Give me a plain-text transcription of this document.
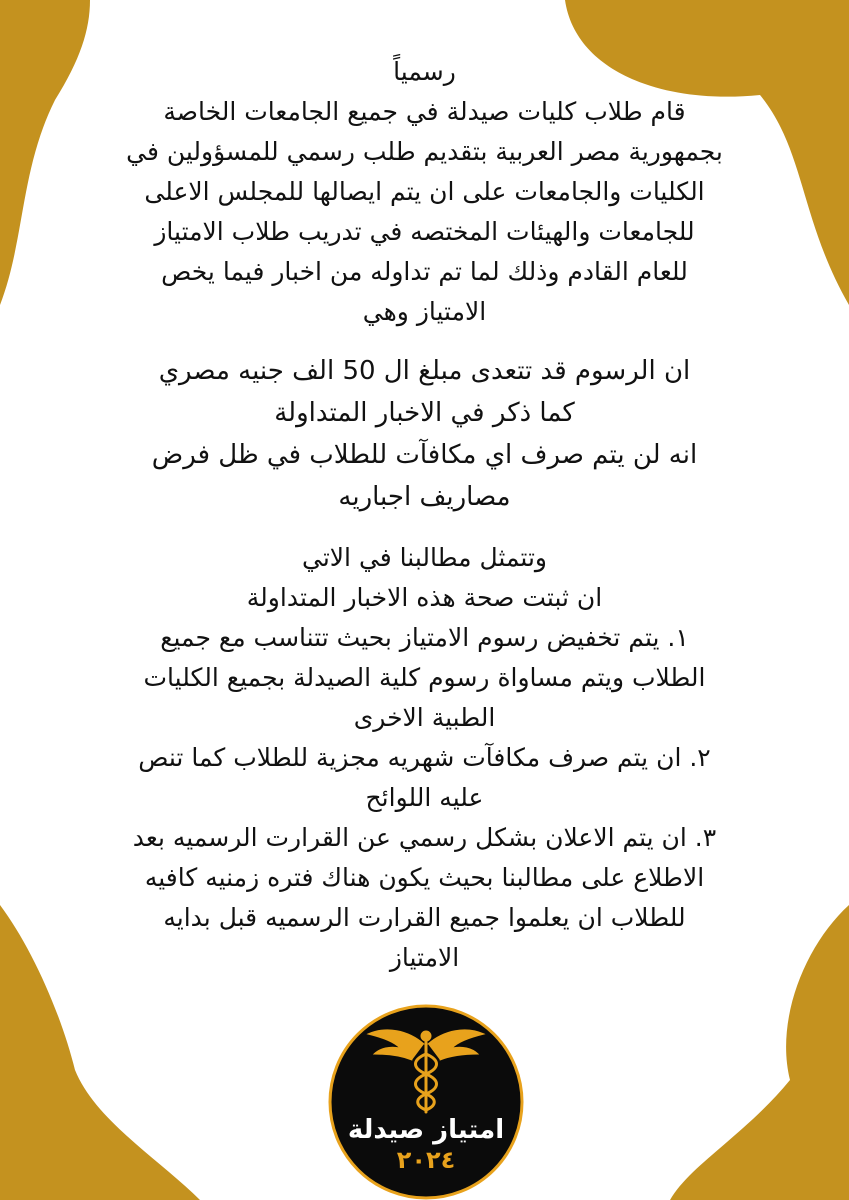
رسمياً

قام طلاب كليات صيدلة في جميع الجامعات الخاصة

بجمهورية مصر العربية بتقديم طلب رسمي للمسؤولين في

الكليات والجامعات على ان يتم ايصالها للمجلس الاعلى

للجامعات والهيئات المختصه في تدريب طلاب الامتياز

للعام القادم وذلك لما تم تداوله من اخبار فيما يخص

الامتياز وهي

ان الرسوم قد تتعدى مبلغ ال 50 الف جنيه مصري

كما ذكر في الاخبار المتداولة

انه لن يتم صرف اي مكافآت للطلاب في ظل فرض

مصاريف اجباريه

وتتمثل مطالبنا في الاتي

ان ثبتت صحة هذه الاخبار المتداولة

١. يتم تخفيض رسوم الامتياز بحيث تتناسب مع جميع

الطلاب ويتم مساواة رسوم كلية الصيدلة بجميع الكليات

الطبية الاخرى

٢. ان يتم صرف مكافآت شهريه مجزية للطلاب كما تنص

عليه اللوائح

٣. ان يتم الاعلان بشكل رسمي عن القرارت الرسميه بعد

الاطلاع على مطالبنا بحيث يكون هناك فتره زمنيه كافيه

للطلاب ان يعلموا جميع القرارت الرسميه قبل بدايه

الامتياز

امتياز صيدلة
٢٠٢٤
